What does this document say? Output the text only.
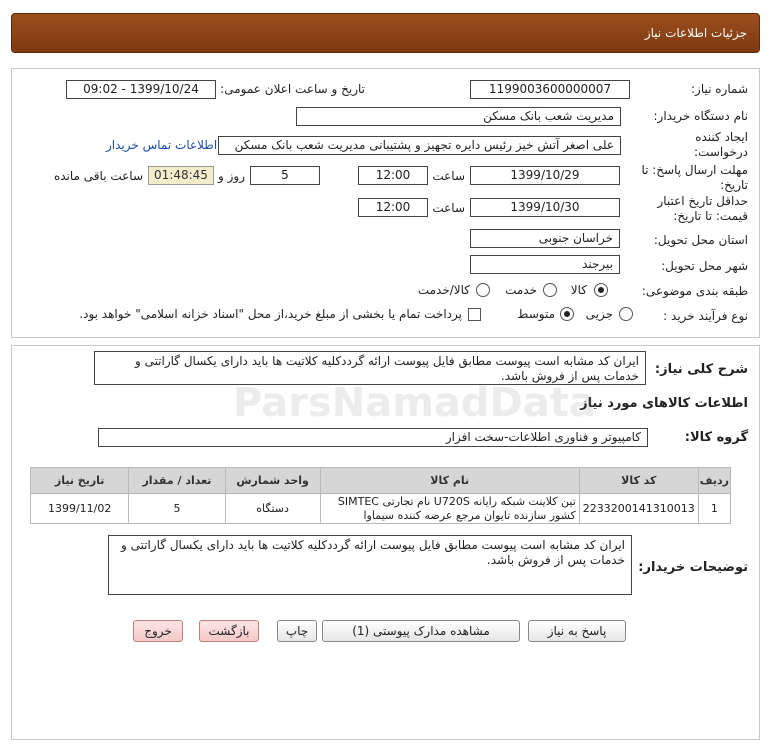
جزئیات اطلاعات نیاز
شماره نیاز:
1199003600000007
تاریخ و ساعت اعلان عمومی:
1399/10/24 - 09:02
نام دستگاه خریدار:
مدیریت شعب بانک مسکن
ایجاد کننده درخواست:
علی اصغر آتش خیز رئیس دایره تجهیز و پشتیبانی مدیریت شعب بانک مسکن
اطلاعات تماس خریدار
مهلت ارسال پاسخ: تا تاریخ:
1399/10/29
ساعت
12:00
5
روز و
01:48:45
ساعت باقی مانده
حداقل تاریخ اعتبار قیمت: تا تاریخ:
1399/10/30
ساعت
12:00
استان محل تحویل:
خراسان جنوبی
شهر محل تحویل:
بیرجند
طبقه بندی موضوعی:
کالا
خدمت
کالا/خدمت
نوع فرآیند خرید :
جزیی
متوسط
پرداخت تمام یا بخشی از مبلغ خرید،از محل "اسناد خزانه اسلامی" خواهد بود.
شرح کلی نیاز:
ایران کد مشابه است پیوست مطابق فایل پیوست ارائه گرددکلیه کلاتیت ها باید دارای یکسال گاراتتی و خدمات پس از فروش باشد.
اطلاعات کالاهای مورد نیاز
گروه کالا:
کامپیوتر و فناوری اطلاعات-سخت افزار
ردیف	کد کالا	نام کالا	واحد شمارش	تعداد / مقدار	تاریخ نیاز
1	2233200141310013	تین کلاینت شبکه رایانه U720S نام تجارتی SIMTEC کشور سازنده تایوان مرجع عرضه کننده سیماوا	دستگاه	5	1399/11/02
توضیحات خریدار:
ایران کد مشابه است پیوست مطابق فایل پیوست ارائه گرددکلیه کلاتیت ها باید دارای یکسال گاراتتی و خدمات پس از فروش باشد.
پاسخ به نیاز
مشاهده مدارک پیوستی (1)
چاپ
بازگشت
خروج
